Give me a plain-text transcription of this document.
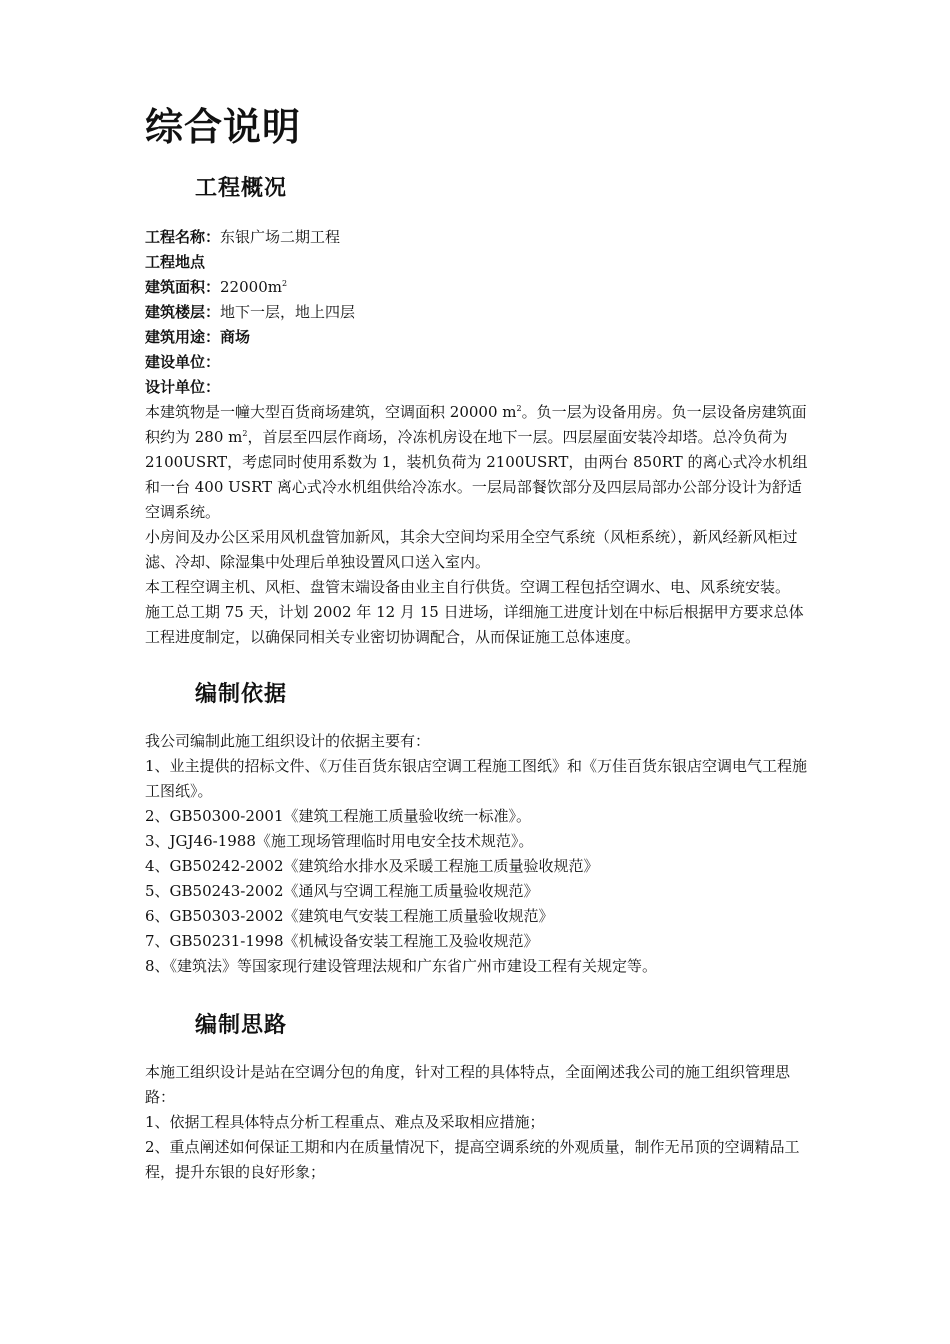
综合说明
工程概况

工程名称：东银广场二期工程

工程地点

建筑面积：$22000m^2$

建筑楼层：地下一层，地上四层

建筑用途：商场

建设单位：

设计单位：

本建筑物是一幢大型百货商场建筑，空调面积 20000 $m^2$。负一层为设备用房。负一层设备房建筑面积约为 280 $m^2$，首层至四层作商场，冷冻机房设在地下一层。四层屋面安装冷却塔。总冷负荷为 2100USRT，考虑同时使用系数为 1，装机负荷为 2100USRT，由两台 850RT 的离心式冷水机组和一台 400 USRT 离心式冷水机组供给冷冻水。一层局部餐饮部分及四层局部办公部分设计为舒适空调系统。

小房间及办公区采用风机盘管加新风，其余大空间均采用全空气系统（风柜系统），新风经新风柜过滤、冷却、除湿集中处理后单独设置风口送入室内。

本工程空调主机、风柜、盘管末端设备由业主自行供货。空调工程包括空调水、电、风系统安装。

施工总工期 75 天，计划 2002 年 12 月 15 日进场，详细施工进度计划在中标后根据甲方要求总体工程进度制定，以确保同相关专业密切协调配合，从而保证施工总体速度。

编制依据

我公司编制此施工组织设计的依据主要有：

1、业主提供的招标文件、《万佳百货东银店空调工程施工图纸》和《万佳百货东银店空调电气工程施工图纸》。

2、GB50300-2001《建筑工程施工质量验收统一标准》。

3、JGJ46-1988《施工现场管理临时用电安全技术规范》。

4、GB50242-2002《建筑给水排水及采暖工程施工质量验收规范》

5、GB50243-2002《通风与空调工程施工质量验收规范》

6、GB50303-2002《建筑电气安装工程施工质量验收规范》

7、GB50231-1998《机械设备安装工程施工及验收规范》

8、《建筑法》等国家现行建设管理法规和广东省广州市建设工程有关规定等。

编制思路

本施工组织设计是站在空调分包的角度，针对工程的具体特点，全面阐述我公司的施工组织管理思路：

1、依据工程具体特点分析工程重点、难点及采取相应措施；

2、重点阐述如何保证工期和内在质量情况下，提高空调系统的外观质量，制作无吊顶的空调精品工程，提升东银的良好形象；
